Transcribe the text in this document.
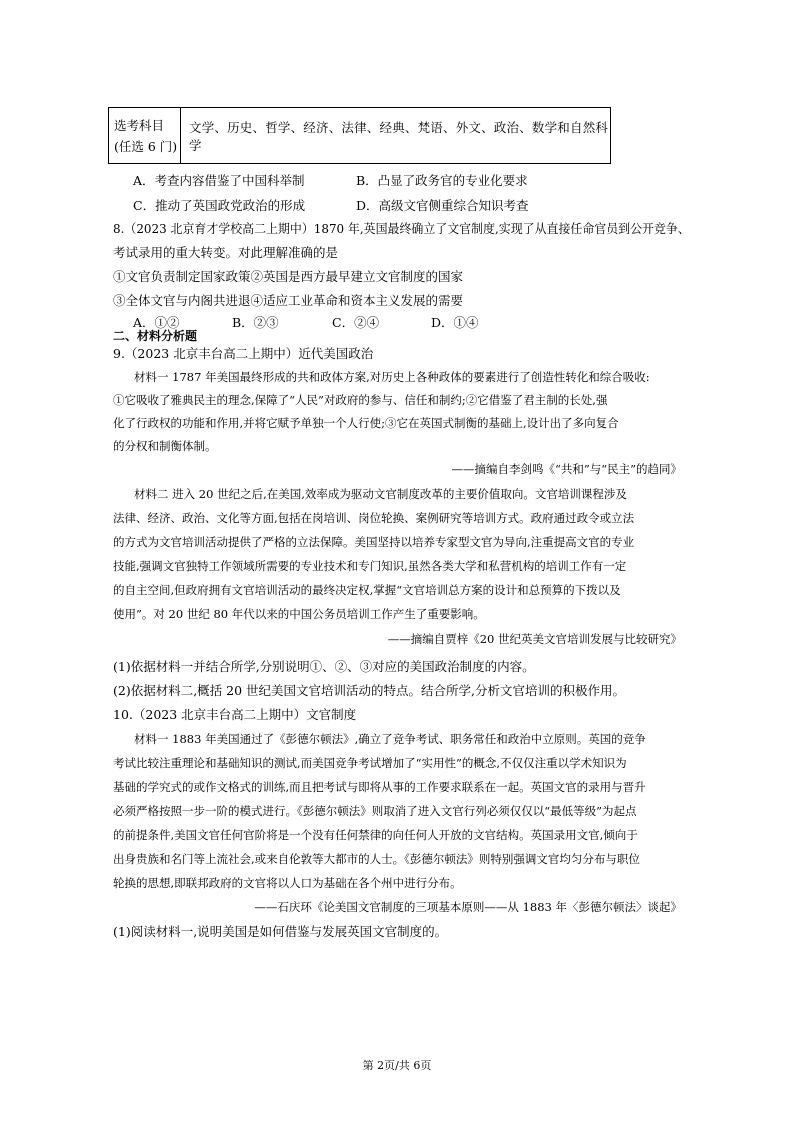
选考科目
(任选 6 门)
	文学、历史、哲学、经济、法律、经典、梵语、外文、政治、数学和自然科学
A．考查内容借鉴了中国科举制	B．凸显了政务官的专业化要求
C．推动了英国政党政治的形成	D．高级文官侧重综合知识考查
8.（2023 北京育才学校高二上期中）1870 年,英国最终确立了文官制度,实现了从直接任命官员到公开竞争、
考试录用的重大转变。对此理解准确的是
①文官负责制定国家政策②英国是西方最早建立文官制度的国家
③全体文官与内阁共进退④适应工业革命和资本主义发展的需要
A．①②	B．②③	C．②④	D．①④
二、材料分析题
9.（2023 北京丰台高二上期中）近代美国政治
材料一 1787 年美国最终形成的共和政体方案,对历史上各种政体的要素进行了创造性转化和综合吸收:
①它吸收了雅典民主的理念,保障了“人民”对政府的参与、信任和制约;②它借鉴了君主制的长处,强
化了行政权的功能和作用,并将它赋予单独一个人行使;③它在英国式制衡的基础上,设计出了多向复合
的分权和制衡体制。
——摘编自李剑鸣《“共和”与“民主”的趋同》
材料二 进入 20 世纪之后,在美国,效率成为驱动文官制度改革的主要价值取向。文官培训课程涉及
法律、经济、政治、文化等方面,包括在岗培训、岗位轮换、案例研究等培训方式。政府通过政令或立法
的方式为文官培训活动提供了严格的立法保障。美国坚持以培养专家型文官为导向,注重提高文官的专业
技能,强调文官独特工作领域所需要的专业技术和专门知识,虽然各类大学和私营机构的培训工作有一定
的自主空间,但政府拥有文官培训活动的最终决定权,掌握“文官培训总方案的设计和总预算的下拨以及
使用”。对 20 世纪 80 年代以来的中国公务员培训工作产生了重要影响。
——摘编自贾梓《20 世纪英美文官培训发展与比较研究》
(1)依据材料一并结合所学,分别说明①、②、③对应的美国政治制度的内容。
(2)依据材料二,概括 20 世纪美国文官培训活动的特点。结合所学,分析文官培训的积极作用。
10.（2023 北京丰台高二上期中）文官制度
材料一 1883 年美国通过了《彭德尔顿法》,确立了竞争考试、职务常任和政治中立原则。英国的竞争
考试比较注重理论和基础知识的测试,而美国竞争考试增加了“实用性”的概念,不仅仅注重以学术知识为
基础的学究式的或作文格式的训练,而且把考试与即将从事的工作要求联系在一起。英国文官的录用与晋升
必须严格按照一步一阶的模式进行。《彭德尔顿法》则取消了进入文官行列必须仅仅以“最低等级”为起点
的前提条件,美国文官任何官阶将是一个没有任何禁律的向任何人开放的文官结构。英国录用文官,倾向于
出身贵族和名门等上流社会,或来自伦敦等大都市的人士。《彭德尔顿法》则特别强调文官均匀分布与职位
轮换的思想,即联邦政府的文官将以人口为基础在各个州中进行分布。
——石庆环《论美国文官制度的三项基本原则——从 1883 年〈彭德尔顿法〉谈起》
(1)阅读材料一,说明美国是如何借鉴与发展英国文官制度的。
第 2页/共 6页
